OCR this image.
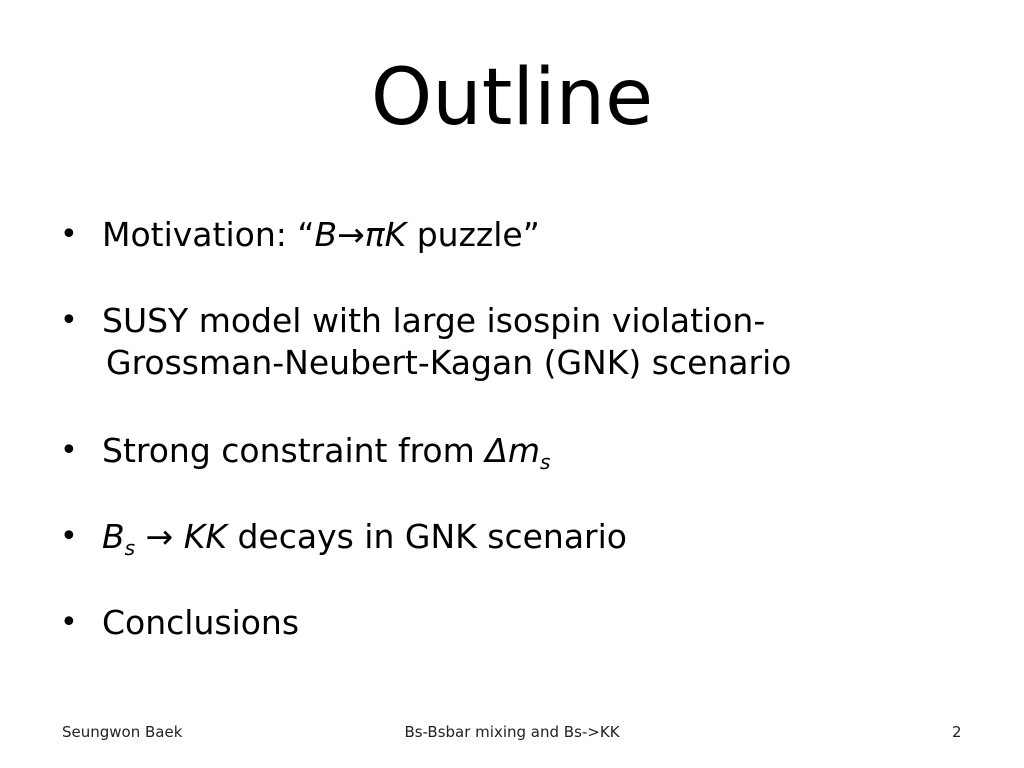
Outline
• Motivation: “B→πK puzzle”
• SUSY model with large isospin violation-
Grossman-Neubert-Kagan (GNK) scenario
• Strong constraint from $\Delta m_s$
• $B_s$ → KK decays in GNK scenario
• Conclusions
Seungwon Baek	Bs-Bsbar mixing and Bs->KK	2
